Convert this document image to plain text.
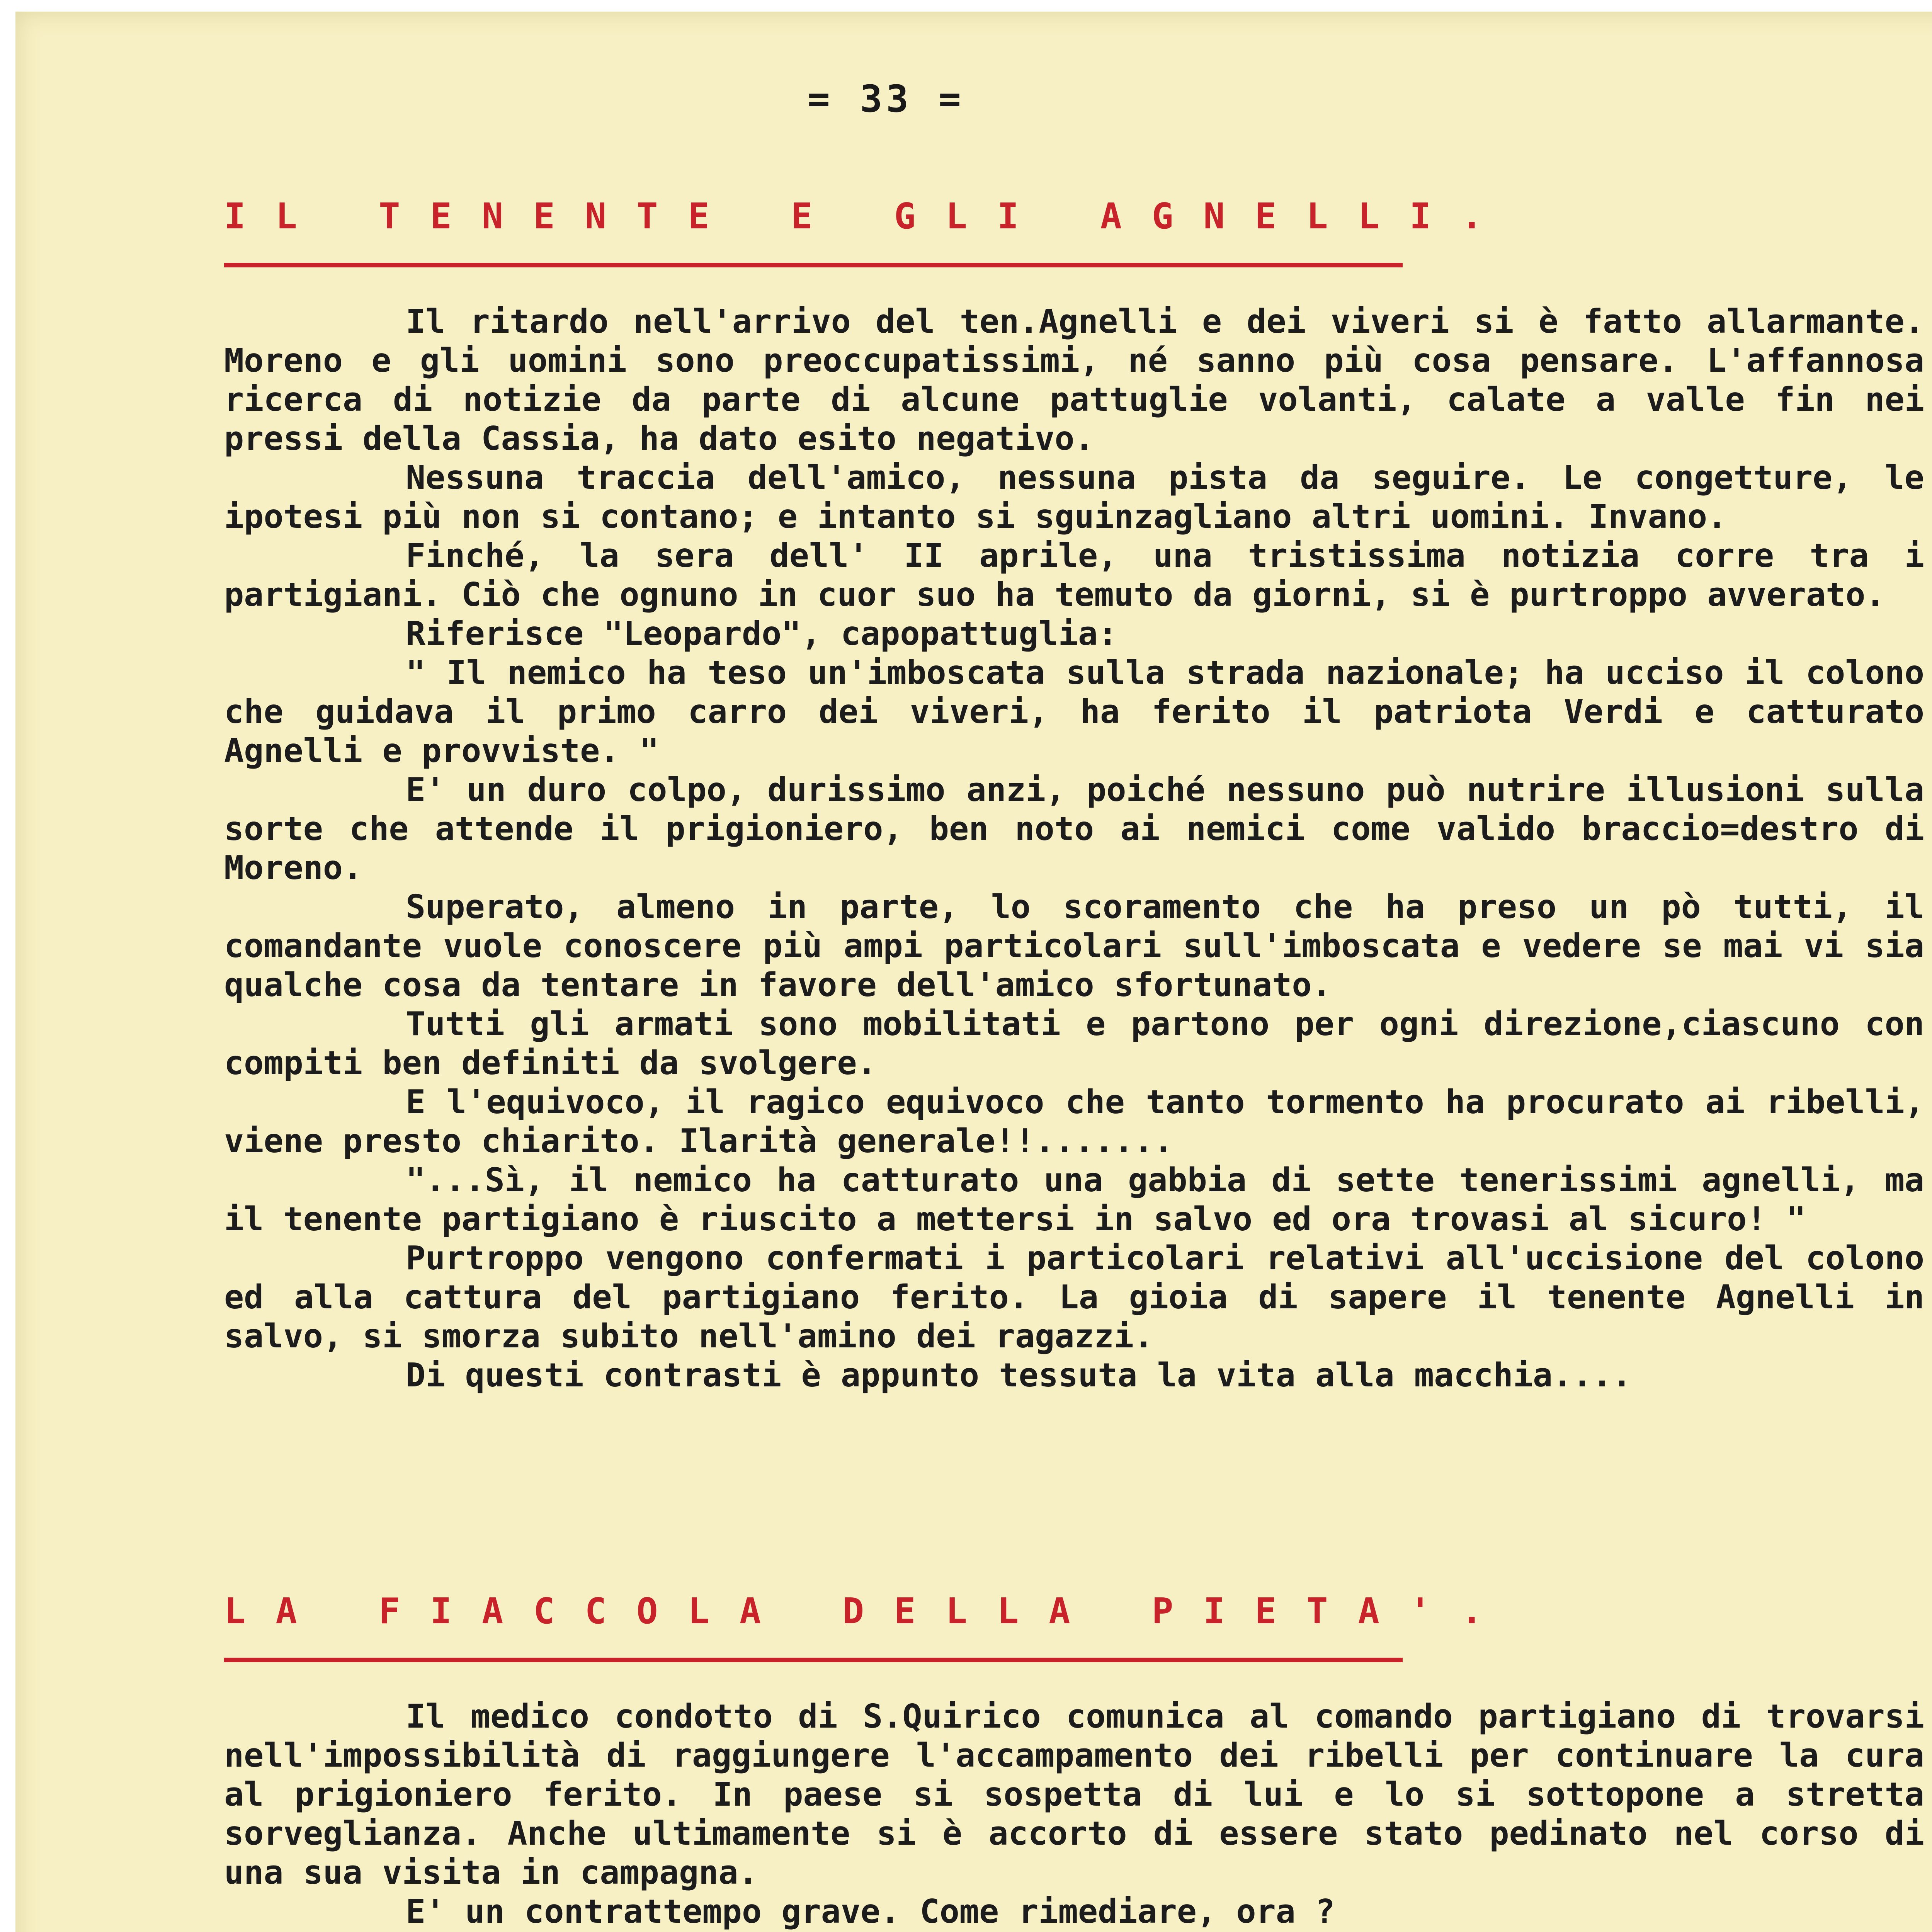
= 33 =
IL TENENTE E GLI AGNELLI.

Il ritardo nell'arrivo del ten.Agnelli e dei viveri si è fatto allarmante. Moreno e gli uomini sono preoccupatissimi, né sanno più cosa pensare. L'affannosa ricerca di notizie da parte di alcune pattuglie volanti, calate a valle fin nei pressi della Cassia, ha dato esito negativo.

Nessuna traccia dell'amico, nessuna pista da seguire. Le congetture, le ipotesi più non si contano; e intanto si sguinzagliano altri uomini. Invano.

Finché, la sera dell' II aprile, una tristissima notizia corre tra i partigiani. Ciò che ognuno in cuor suo ha temuto da giorni, si è purtroppo avverato.

Riferisce "Leopardo", capopattuglia:

" Il nemico ha teso un'imboscata sulla strada nazionale; ha ucciso il colono che guidava il primo carro dei viveri, ha ferito il patriota Verdi e catturato Agnelli e provviste. "

E' un duro colpo, durissimo anzi, poiché nessuno può nutrire illusioni sulla sorte che attende il prigioniero, ben noto ai nemici come valido braccio=destro di Moreno.

Superato, almeno in parte, lo scoramento che ha preso un pò tutti, il comandante vuole conoscere più ampi particolari sull'imboscata e vedere se mai vi sia qualche cosa da tentare in favore dell'amico sfortunato.

Tutti gli armati sono mobilitati e partono per ogni direzione,ciascuno con compiti ben definiti da svolgere.

E l'equivoco, il ragico equivoco che tanto tormento ha procurato ai ribelli, viene presto chiarito. Ilarità generale!!.......

"...Sì, il nemico ha catturato una gabbia di sette tenerissimi agnelli, ma il tenente partigiano è riuscito a mettersi in salvo ed ora trovasi al sicuro! "

Purtroppo vengono confermati i particolari relativi all'uccisione del colono ed alla cattura del partigiano ferito. La gioia di sapere il tenente Agnelli in salvo, si smorza subito nell'amino dei ragazzi.

Di questi contrasti è appunto tessuta la vita alla macchia....

LA FIACCOLA DELLA PIETA'.

Il medico condotto di S.Quirico comunica al comando partigiano di trovarsi nell'impossibilità di raggiungere l'accampamento dei ribelli per continuare la cura al prigioniero ferito. In paese si sospetta di lui e lo si sottopone a stretta sorveglianza. Anche ultimamente si è accorto di essere stato pedinato nel corso di una sua visita in campagna.

E' un contrattempo grave. Come rimediare, ora ?
